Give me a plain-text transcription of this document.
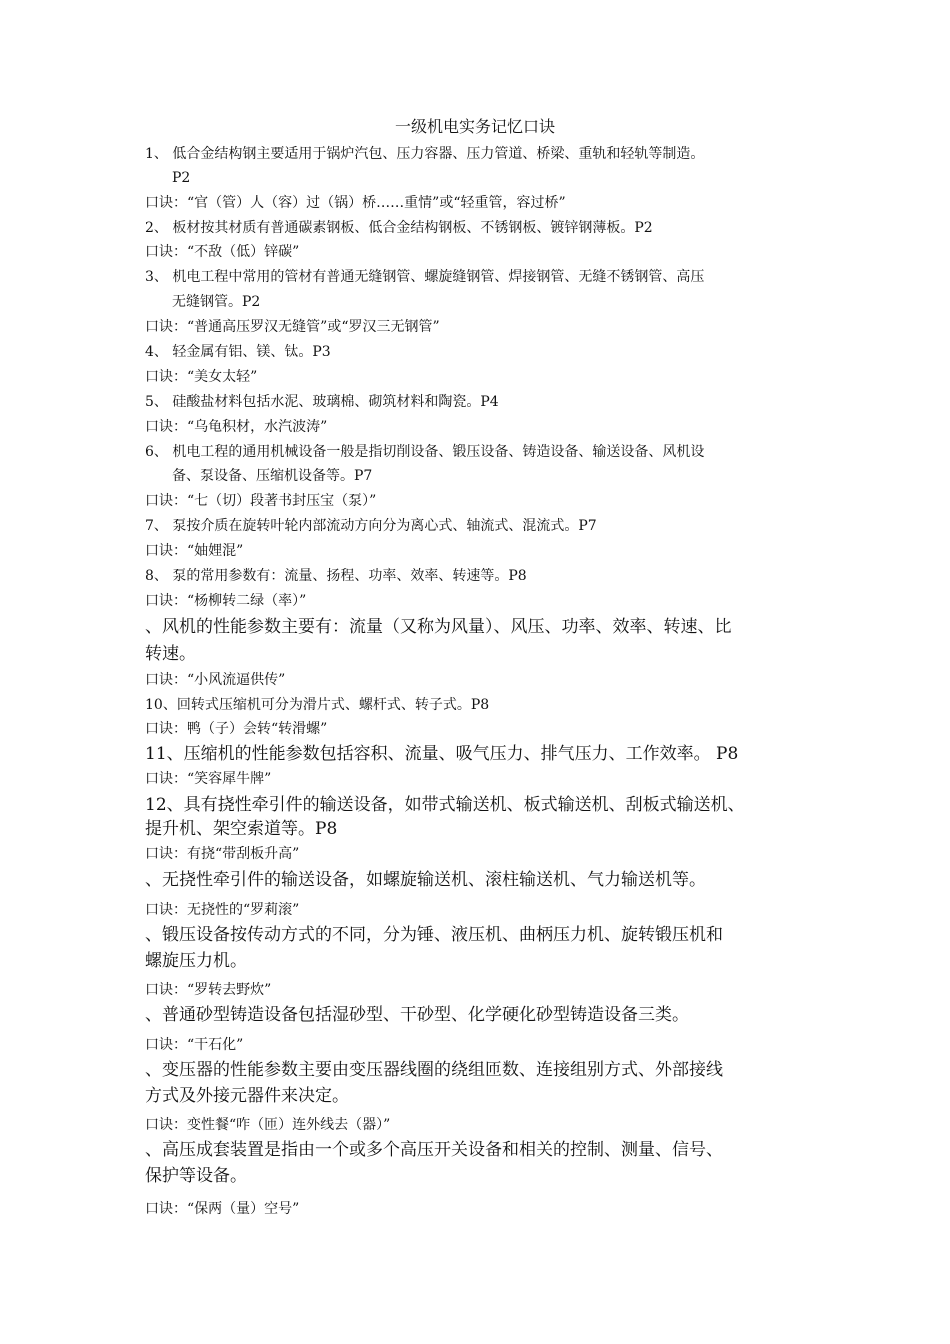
一级机电实务记忆口诀
1、 低合金结构钢主要适用于锅炉汽包、压力容器、压力管道、桥梁、重轨和轻轨等制造。
P2
口诀：“官（管）人（容）过（锅）桥……重情”或“轻重管，容过桥”
2、 板材按其材质有普通碳素钢板、低合金结构钢板、不锈钢板、镀锌钢薄板。P2
口诀：“不敌（低）锌碳”
3、 机电工程中常用的管材有普通无缝钢管、螺旋缝钢管、焊接钢管、无缝不锈钢管、高压
无缝钢管。P2
口诀：“普通高压罗汉无缝管”或“罗汉三无钢管”
4、 轻金属有铝、镁、钛。P3
口诀：“美女太轻”
5、 硅酸盐材料包括水泥、玻璃棉、砌筑材料和陶瓷。P4
口诀：“乌龟积材，水汽波涛”
6、 机电工程的通用机械设备一般是指切削设备、锻压设备、铸造设备、输送设备、风机设
备、泵设备、压缩机设备等。P7
口诀：“七（切）段著书封压宝（泵）”
7、 泵按介质在旋转叶轮内部流动方向分为离心式、轴流式、混流式。P7
口诀：“妯娌混”
8、 泵的常用参数有：流量、扬程、功率、效率、转速等。P8
口诀：“杨柳转二绿（率）”
、风机的性能参数主要有：流量（又称为风量）、风压、功率、效率、转速、比
转速。
口诀：“小风流逼供传”
10、回转式压缩机可分为滑片式、螺杆式、转子式。P8
口诀：鸭（子）会转“转滑螺”
11、压缩机的性能参数包括容积、流量、吸气压力、排气压力、工作效率。 P8
口诀：“笑容犀牛牌”
12、具有挠性牵引件的输送设备，如带式输送机、板式输送机、刮板式输送机、
提升机、架空索道等。P8
口诀：有挠“带刮板升高”
、无挠性牵引件的输送设备，如螺旋输送机、滚柱输送机、气力输送机等。
口诀：无挠性的“罗莉滚”
、锻压设备按传动方式的不同，分为锤、液压机、曲柄压力机、旋转锻压机和
螺旋压力机。
口诀：“罗转去野炊”
、普通砂型铸造设备包括湿砂型、干砂型、化学硬化砂型铸造设备三类。
口诀：“干石化”
、变压器的性能参数主要由变压器线圈的绕组匝数、连接组别方式、外部接线
方式及外接元器件来决定。
口诀：变性餐“咋（匝）连外线去（器）”
、高压成套装置是指由一个或多个高压开关设备和相关的控制、测量、信号、
保护等设备。
口诀：“保两（量）空号”
